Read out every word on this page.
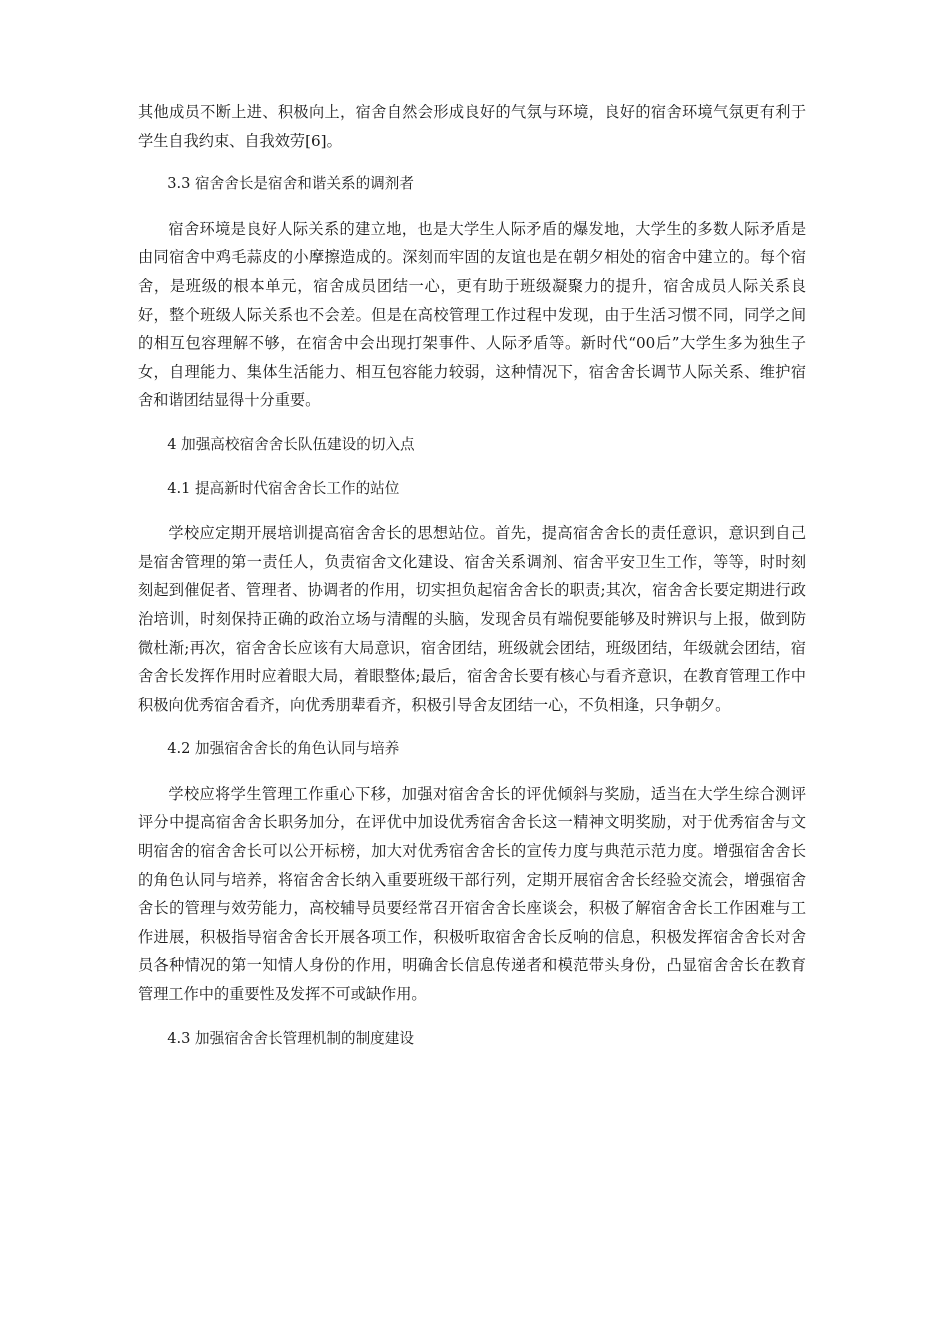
其他成员不断上进、积极向上，宿舍自然会形成良好的气氛与环境，良好的宿舍环境气氛更有利于学生自我约束、自我效劳[6]。

3.3 宿舍舍长是宿舍和谐关系的调剂者

宿舍环境是良好人际关系的建立地，也是大学生人际矛盾的爆发地，大学生的多数人际矛盾是由同宿舍中鸡毛蒜皮的小摩擦造成的。深刻而牢固的友谊也是在朝夕相处的宿舍中建立的。每个宿舍，是班级的根本单元，宿舍成员团结一心，更有助于班级凝聚力的提升，宿舍成员人际关系良好，整个班级人际关系也不会差。但是在高校管理工作过程中发现，由于生活习惯不同，同学之间的相互包容理解不够，在宿舍中会出现打架事件、人际矛盾等。新时代“00后”大学生多为独生子女，自理能力、集体生活能力、相互包容能力较弱，这种情况下，宿舍舍长调节人际关系、维护宿舍和谐团结显得十分重要。

4 加强高校宿舍舍长队伍建设的切入点

4.1 提高新时代宿舍舍长工作的站位

学校应定期开展培训提高宿舍舍长的思想站位。首先，提高宿舍舍长的责任意识，意识到自己是宿舍管理的第一责任人，负责宿舍文化建设、宿舍关系调剂、宿舍平安卫生工作，等等，时时刻刻起到催促者、管理者、协调者的作用，切实担负起宿舍舍长的职责;其次，宿舍舍长要定期进行政治培训，时刻保持正确的政治立场与清醒的头脑，发现舍员有端倪要能够及时辨识与上报，做到防微杜渐;再次，宿舍舍长应该有大局意识，宿舍团结，班级就会团结，班级团结，年级就会团结，宿舍舍长发挥作用时应着眼大局，着眼整体;最后，宿舍舍长要有核心与看齐意识，在教育管理工作中积极向优秀宿舍看齐，向优秀朋辈看齐，积极引导舍友团结一心，不负相逢，只争朝夕。

4.2 加强宿舍舍长的角色认同与培养

学校应将学生管理工作重心下移，加强对宿舍舍长的评优倾斜与奖励，适当在大学生综合测评评分中提高宿舍舍长职务加分，在评优中加设优秀宿舍舍长这一精神文明奖励，对于优秀宿舍与文明宿舍的宿舍舍长可以公开标榜，加大对优秀宿舍舍长的宣传力度与典范示范力度。增强宿舍舍长的角色认同与培养，将宿舍舍长纳入重要班级干部行列，定期开展宿舍舍长经验交流会，增强宿舍舍长的管理与效劳能力，高校辅导员要经常召开宿舍舍长座谈会，积极了解宿舍舍长工作困难与工作进展，积极指导宿舍舍长开展各项工作，积极听取宿舍舍长反响的信息，积极发挥宿舍舍长对舍员各种情况的第一知情人身份的作用，明确舍长信息传递者和模范带头身份，凸显宿舍舍长在教育管理工作中的重要性及发挥不可或缺作用。

4.3 加强宿舍舍长管理机制的制度建设
